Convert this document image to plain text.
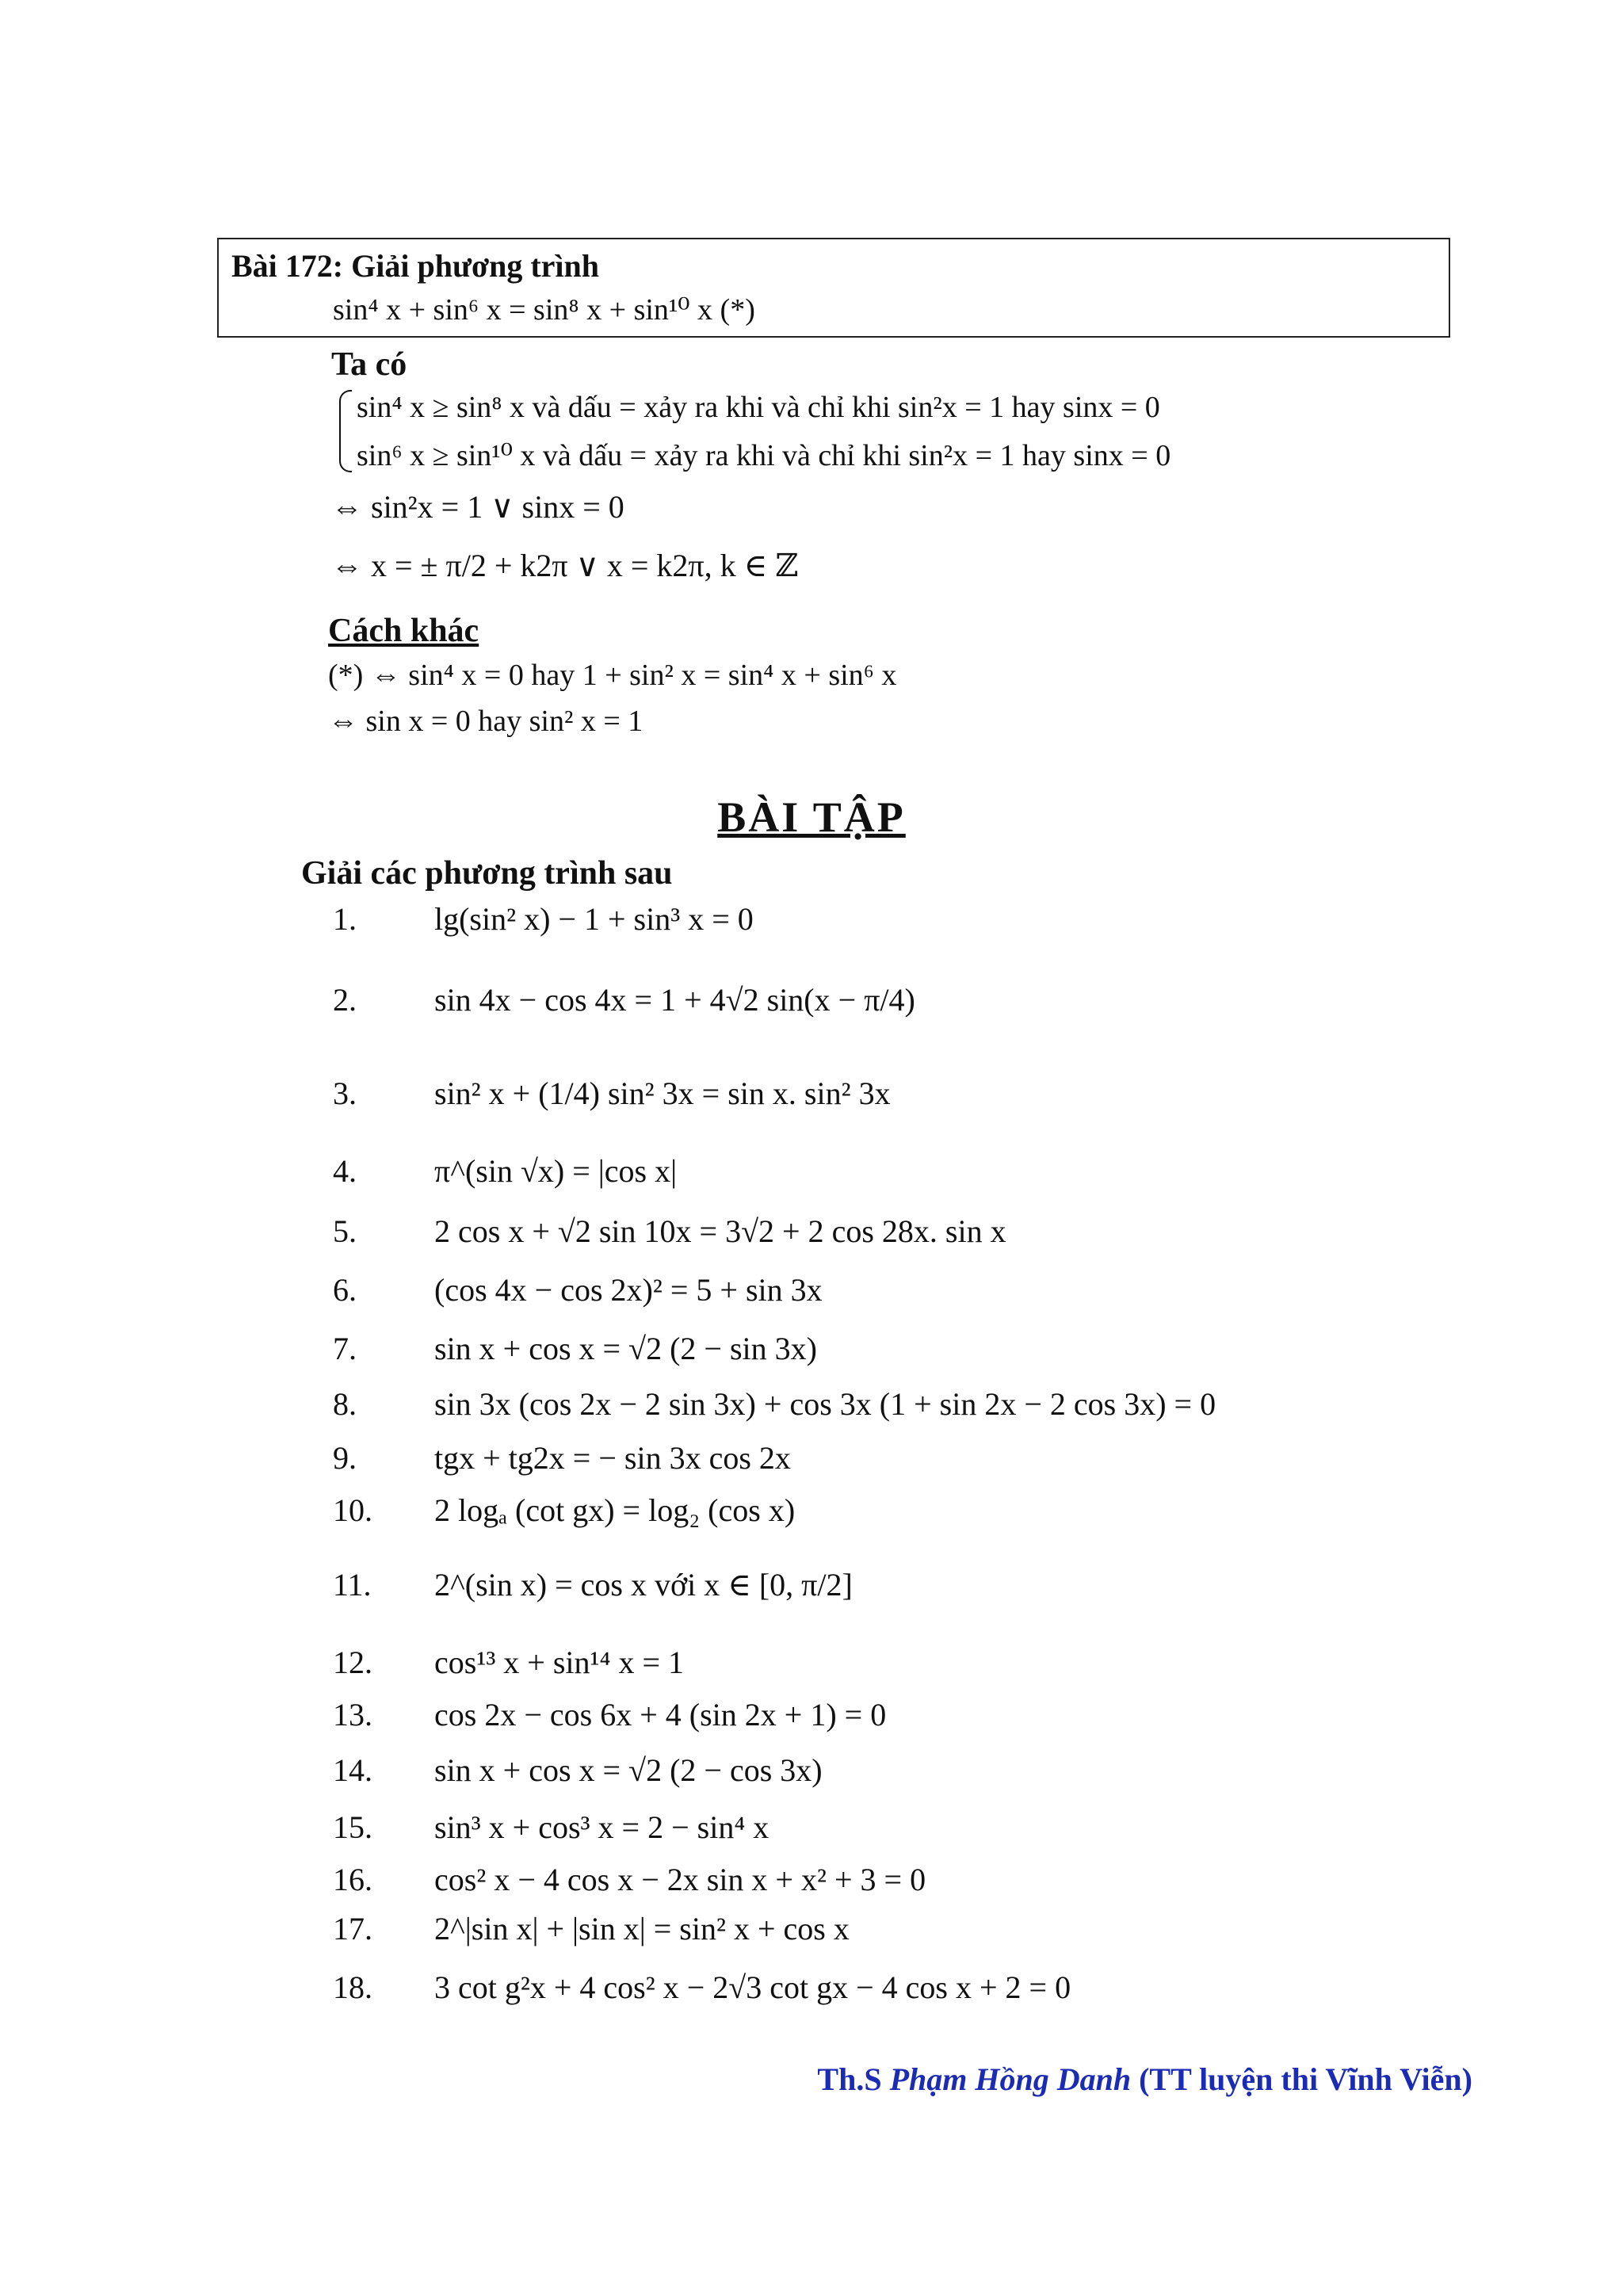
Bài 172: Giải phương trình
sin⁴ x + sin⁶ x = sin⁸ x + sin¹⁰ x (*)
Ta có
sin⁴ x ≥ sin⁸ x và dấu = xảy ra khi và chỉ khi sin²x = 1 hay sinx = 0
sin⁶ x ≥ sin¹⁰ x và dấu = xảy ra khi và chỉ khi sin²x = 1 hay sinx = 0
⇔ sin²x = 1 ∨ sinx = 0
⇔ x = ± π/2 + k2π ∨ x = k2π, k ∈ ℤ
Cách khác
(*) ⇔ sin⁴ x = 0 hay 1 + sin² x = sin⁴ x + sin⁶ x
⇔ sin x = 0 hay sin² x = 1
BÀI TẬP
Giải các phương trình sau
1. lg(sin² x) − 1 + sin³ x = 0
2. sin 4x − cos 4x = 1 + 4√2 sin(x − π/4)
3. sin² x + (1/4) sin² 3x = sin x. sin² 3x
4. π^(sin √x) = |cos x|
5. 2 cos x + √2 sin 10x = 3√2 + 2 cos 28x. sin x
6. (cos 4x − cos 2x)² = 5 + sin 3x
7. sin x + cos x = √2 (2 − sin 3x)
8. sin 3x (cos 2x − 2 sin 3x) + cos 3x (1 + sin 2x − 2 cos 3x) = 0
9. tgx + tg2x = − sin 3x cos 2x
10. 2 logₐ (cot gx) = log₂ (cos x)
11. 2^(sin x) = cos x với x ∈ [0, π/2]
12. cos¹³ x + sin¹⁴ x = 1
13. cos 2x − cos 6x + 4 (sin 2x + 1) = 0
14. sin x + cos x = √2 (2 − cos 3x)
15. sin³ x + cos³ x = 2 − sin⁴ x
16. cos² x − 4 cos x − 2x sin x + x² + 3 = 0
17. 2^|sin x| + |sin x| = sin² x + cos x
18. 3 cot g²x + 4 cos² x − 2√3 cot gx − 4 cos x + 2 = 0
Th.S Phạm Hồng Danh (TT luyện thi Vĩnh Viễn)
